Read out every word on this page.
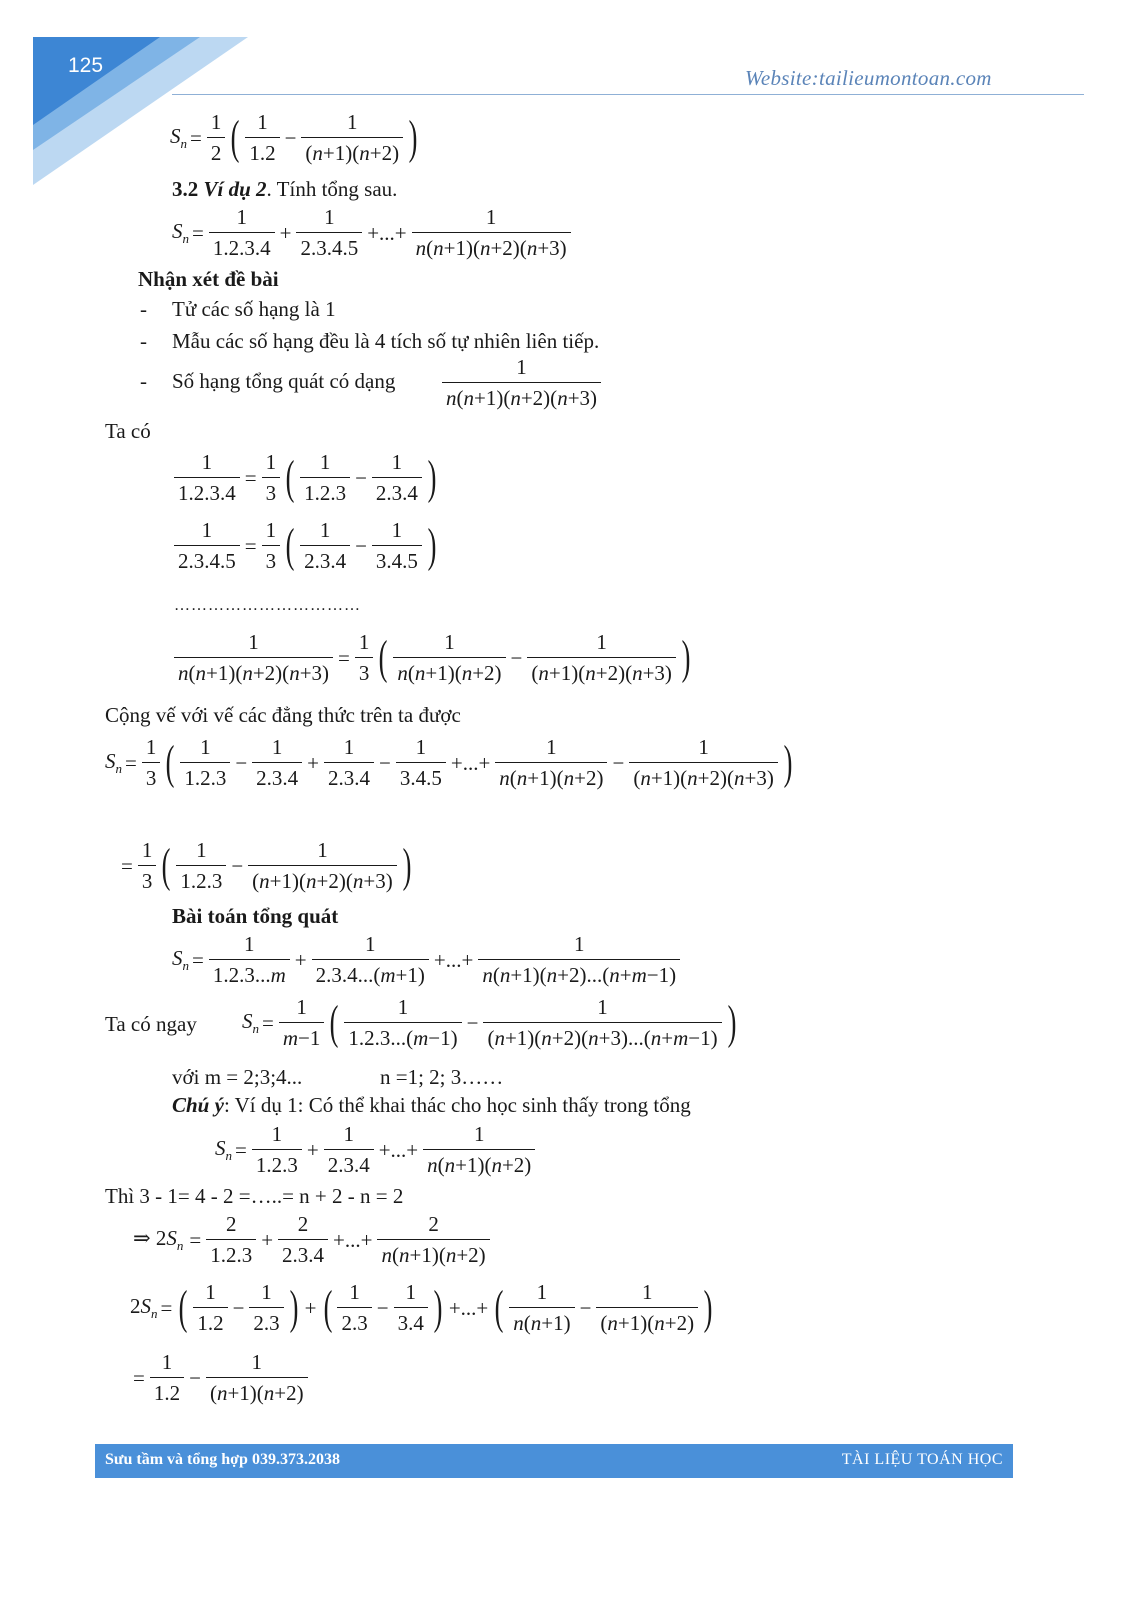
125
Website:tailieumontoan.com
$S_n = \frac{1}{2}$ ( $\frac{1}{1.2} - \frac{1}{(n+1)(n+2)}$ )
3.2 Ví dụ 2. Tính tổng sau.
$S_n = \frac{1}{1.2.3.4} + \frac{1}{2.3.4.5}$ +...+ $\frac{1}{n(n+1)(n+2)(n+3)}$
Nhận xét đề bài
- Tử các số hạng là 1
- Mẫu các số hạng đều là 4 tích số tự nhiên liên tiếp.
- Số hạng tổng quát có dạng $\frac{1}{n(n+1)(n+2)(n+3)}$
Ta có
$\frac{1}{1.2.3.4} = \frac{1}{3}$ ( $\frac{1}{1.2.3} - \frac{1}{2.3.4}$ )
$\frac{1}{2.3.4.5} = \frac{1}{3}$ ( $\frac{1}{2.3.4} - \frac{1}{3.4.5}$ )
……………………………
$\frac{1}{n(n+1)(n+2)(n+3)} = \frac{1}{3}$ ( $\frac{1}{n(n+1)(n+2)} - \frac{1}{(n+1)(n+2)(n+3)}$ )
Cộng vế với vế các đẳng thức trên ta được
$S_n = \frac{1}{3}$ ( $\frac{1}{1.2.3} - \frac{1}{2.3.4} + \frac{1}{2.3.4} - \frac{1}{3.4.5}$ +...+ $\frac{1}{n(n+1)(n+2)} - \frac{1}{(n+1)(n+2)(n+3)}$ )
= $\frac{1}{3}$ ( $\frac{1}{1.2.3} - \frac{1}{(n+1)(n+2)(n+3)}$ )
Bài toán tổng quát
$S_n = \frac{1}{1.2.3...m} + \frac{1}{2.3.4...(m+1)}$ +...+ $\frac{1}{n(n+1)(n+2)...(n+m-1)}$
Ta có ngay $S_n = \frac{1}{m-1}$ ( $\frac{1}{1.2.3...(m-1)} - \frac{1}{(n+1)(n+2)(n+3)...(n+m-1)}$ )
với m = 2;3;4...	n =1; 2; 3……
Chú ý: Ví dụ 1: Có thể khai thác cho học sinh thấy trong tổng
$S_n = \frac{1}{1.2.3} + \frac{1}{2.3.4}$ +...+ $\frac{1}{n(n+1)(n+2)}$
Thì 3 - 1= 4 - 2 =…..= n + 2 - n = 2
⇒ $2S_n = \frac{2}{1.2.3} + \frac{2}{2.3.4}$ +...+ $\frac{2}{n(n+1)(n+2)}$
$2S_n$ = ( $\frac{1}{1.2} - \frac{1}{2.3}$ ) + ( $\frac{1}{2.3} - \frac{1}{3.4}$ ) +...+ ( $\frac{1}{n(n+1)} - \frac{1}{(n+1)(n+2)}$ )
= $\frac{1}{1.2} - \frac{1}{(n+1)(n+2)}$
Sưu tầm và tổng hợp 039.373.2038	TÀI LIỆU TOÁN HỌC
